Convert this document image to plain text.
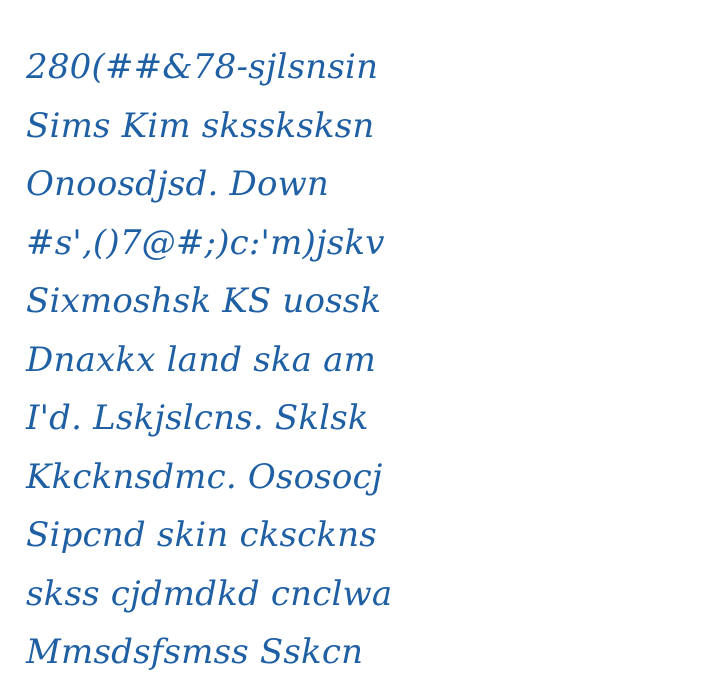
280(##&78-sjlsnsin
Sims Kim skssksksn
Onoosdjsd. Down
#s',()7@#;)c:'m)jskv
Sixmoshsk KS uossk
Dnaxkx land ska am
I'd. Lskjslcns. Sklsk
Kkcknsdmc. Ososocj
Sipcnd skin cksckns
skss cjdmdkd cnclwa
Mmsdsfsmss Sskcn
